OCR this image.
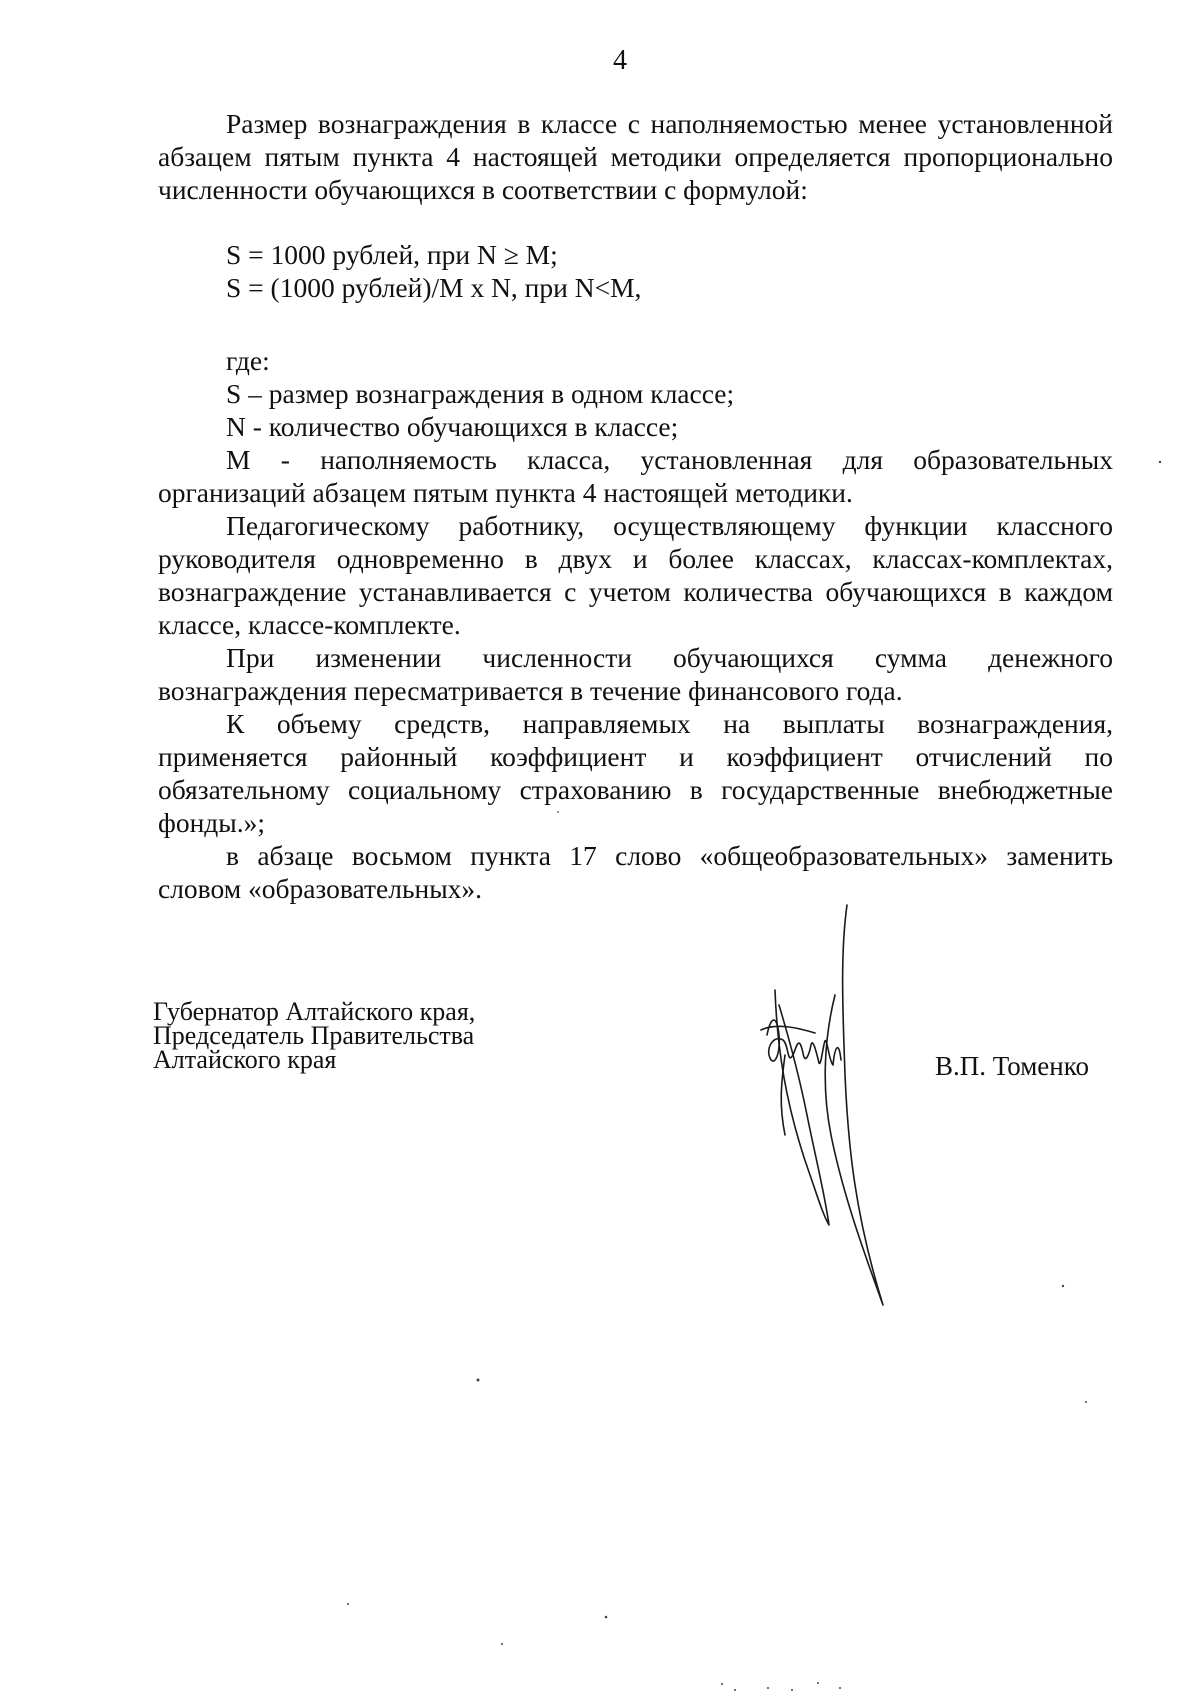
4

Размер вознаграждения в классе с наполняемостью менее установленной абзацем пятым пункта 4 настоящей методики определяется пропорционально численности обучающихся в соответствии с формулой:

S = 1000 рублей, при N ≥ M;
S = (1000 рублей)/M x N, при N<M,
где:
S – размер вознаграждения в одном классе;
N - количество обучающихся в классе;

M - наполняемость класса, установленная для образовательных организаций абзацем пятым пункта 4 настоящей методики.

Педагогическому работнику, осуществляющему функции классного руководителя одновременно в двух и более классах, классах-комплектах, вознаграждение устанавливается с учетом количества обучающихся в каждом классе, классе-комплекте.

При изменении численности обучающихся сумма денежного вознаграждения пересматривается в течение финансового года.

К объему средств, направляемых на выплаты вознаграждения, применяется районный коэффициент и коэффициент отчислений по обязательному социальному страхованию в государственные внебюджетные фонды.»;

в абзаце восьмом пункта 17 слово «общеобразовательных» заменить словом «образовательных».

Губернатор Алтайского края,
Председатель Правительства
Алтайского края	В.П. Томенко
